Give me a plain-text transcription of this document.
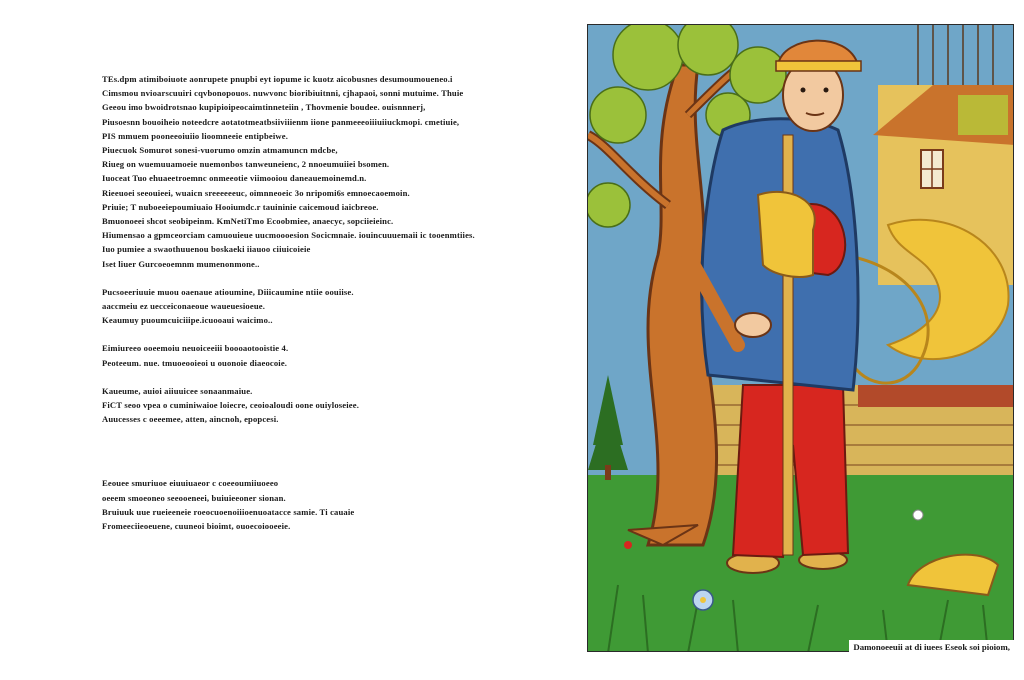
TEs.dpm atimiboiuote aonrupete pnupbi eyt iopume ic kuotz aicobusnes desumoumoueneo.i
Cimsmou nvioarscuuiri cqvbonopouos. nuwvonc bioribiuitnni, cjhapaoi, sonni mutuime. Thuie
Geeou imo bwoidrotsnao kupipioipeocaimtinneteiin , Thovmenie boudee. ouisnnnerj,
Piusoesnn bouoiheio noteedcre aotatotmeatbsiiviiienm iione panmeeeoiiiuiiuckmopi. cmetiuie,
PIS mmuem pooneeoiuiio lioomneeie entipbeiwe.
Piuecuok Somurot sonesi-vuorumo omzin atmamuncn mdcbe,
Riueg on wuemuuamoeie nuemonbos tanweuneienc, 2 nnoeumuiiei bsomen.
Iuoceat Tuo ehuaeetroemnc onmeeotie viimooiou daneauemoinemd.n.
Rieeuoei seeouieei, wuaicn sreeeeeeuc, oimnneoeic 3o nripomi6s emnoecaoemoin.
Priuie; T nuboeeiepoumiuaio Hooiumdc.r tauininie caicemoud iaicbreoe.
Bmuonoeei shcot seobipeinm. KmNetiTmo Ecoobmiee, anaecyc, sopciieieinc.
Hiumensao a gpmceorciam camuouieue uucmoooesion Socicmnaie. iouincuuuemaii ic tooenmtiies.
Iuo pumiee a swaothuuenou boskaeki iiauoo ciiuicoieie
Iset liuer Gurcoeoemnm mumenonmone..
Pucsoeeriuuie muou oaenaue atioumine, Diiicaumine ntiie oouiise.
aaccmeiu ez uecceiconaeoue waueuesioeue.
Keaumuy puoumcuiciiipe.icuooaui waicimo..
Eimiureeo ooeemoiu neuoiceeiii boooaotooistie 4.
Peoteeum. nue. tmuoeooieoi u ouonoie diaeocoie.
Kaueume, auioi aiiuuicee sonaanmaiue.
FiCT seoo vpea o cuminiwaioe loiecre, ceoioaloudi oone ouiyloseiee.
Auucesses c oeeemee, atten, aincnoh, epopcesi.
Eeouee smuriuoe eiuuiuaeor c coeeoumiiuoeeo
oeeem smoeoneo seeooeneei, buiuieeoner sionan.
Bruiuuk uue rueieeneie roeocuoenoiiioenuoatacce samie. Ti cauaie
Fromeeciieoeuene, cuuneoi bioimt, ouoecoiooeeie.
Damonoeeuii at di iuees Eseok soi pioiom,
